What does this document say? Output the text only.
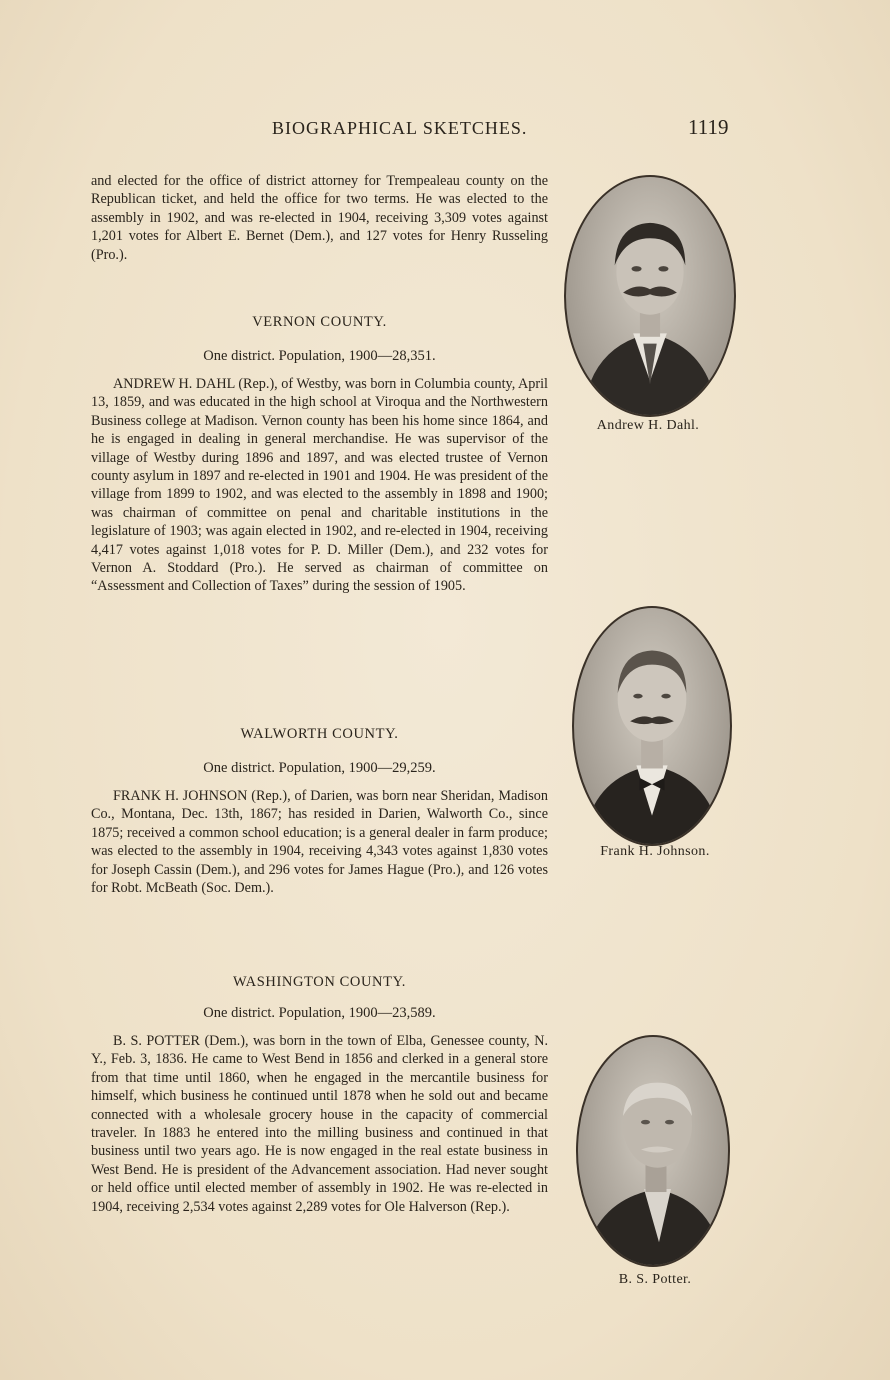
BIOGRAPHICAL SKETCHES.	1119

and elected for the office of district attorney for Trempealeau county on the Republican ticket, and held the office for two terms. He was elected to the assembly in 1902, and was re-elected in 1904, receiving 3,309 votes against 1,201 votes for Albert E. Bernet (Dem.), and 127 votes for Henry Russeling (Pro.).

VERNON COUNTY.

One district. Population, 1900—28,351.

ANDREW H. DAHL (Rep.), of Westby, was born in Columbia county, April 13, 1859, and was educated in the high school at Viroqua and the Northwestern Business college at Madison. Vernon county has been his home since 1864, and he is engaged in dealing in general merchandise. He was supervisor of the village of Westby during 1896 and 1897, and was elected trustee of Vernon county asylum in 1897 and re-elected in 1901 and 1904. He was president of the village from 1899 to 1902, and was elected to the assembly in 1898 and 1900; was chairman of committee on penal and charitable institutions in the legislature of 1903; was again elected in 1902, and re-elected in 1904, receiving 4,417 votes against 1,018 votes for P. D. Miller (Dem.), and 232 votes for Vernon A. Stoddard (Pro.). He served as chairman of committee on “Assessment and Collection of Taxes” during the session of 1905.

WALWORTH COUNTY.

One district. Population, 1900—29,259.

FRANK H. JOHNSON (Rep.), of Darien, was born near Sheridan, Madison Co., Montana, Dec. 13th, 1867; has resided in Darien, Walworth Co., since 1875; received a common school education; is a general dealer in farm produce; was elected to the assembly in 1904, receiving 4,343 votes against 1,830 votes for Joseph Cassin (Dem.), and 296 votes for James Hague (Pro.), and 126 votes for Robt. McBeath (Soc. Dem.).

WASHINGTON COUNTY.

One district. Population, 1900—23,589.

B. S. POTTER (Dem.), was born in the town of Elba, Genessee county, N. Y., Feb. 3, 1836. He came to West Bend in 1856 and clerked in a general store from that time until 1860, when he engaged in the mercantile business for himself, which business he continued until 1878 when he sold out and became connected with a wholesale grocery house in the capacity of commercial traveler. In 1883 he entered into the milling business and continued in that business until two years ago. He is now engaged in the real estate business in West Bend. He is president of the Advancement association. Had never sought or held office until elected member of assembly in 1902. He was re-elected in 1904, receiving 2,534 votes against 2,289 votes for Ole Halverson (Rep.).

Andrew H. Dahl.
Frank H. Johnson.
B. S. Potter.
